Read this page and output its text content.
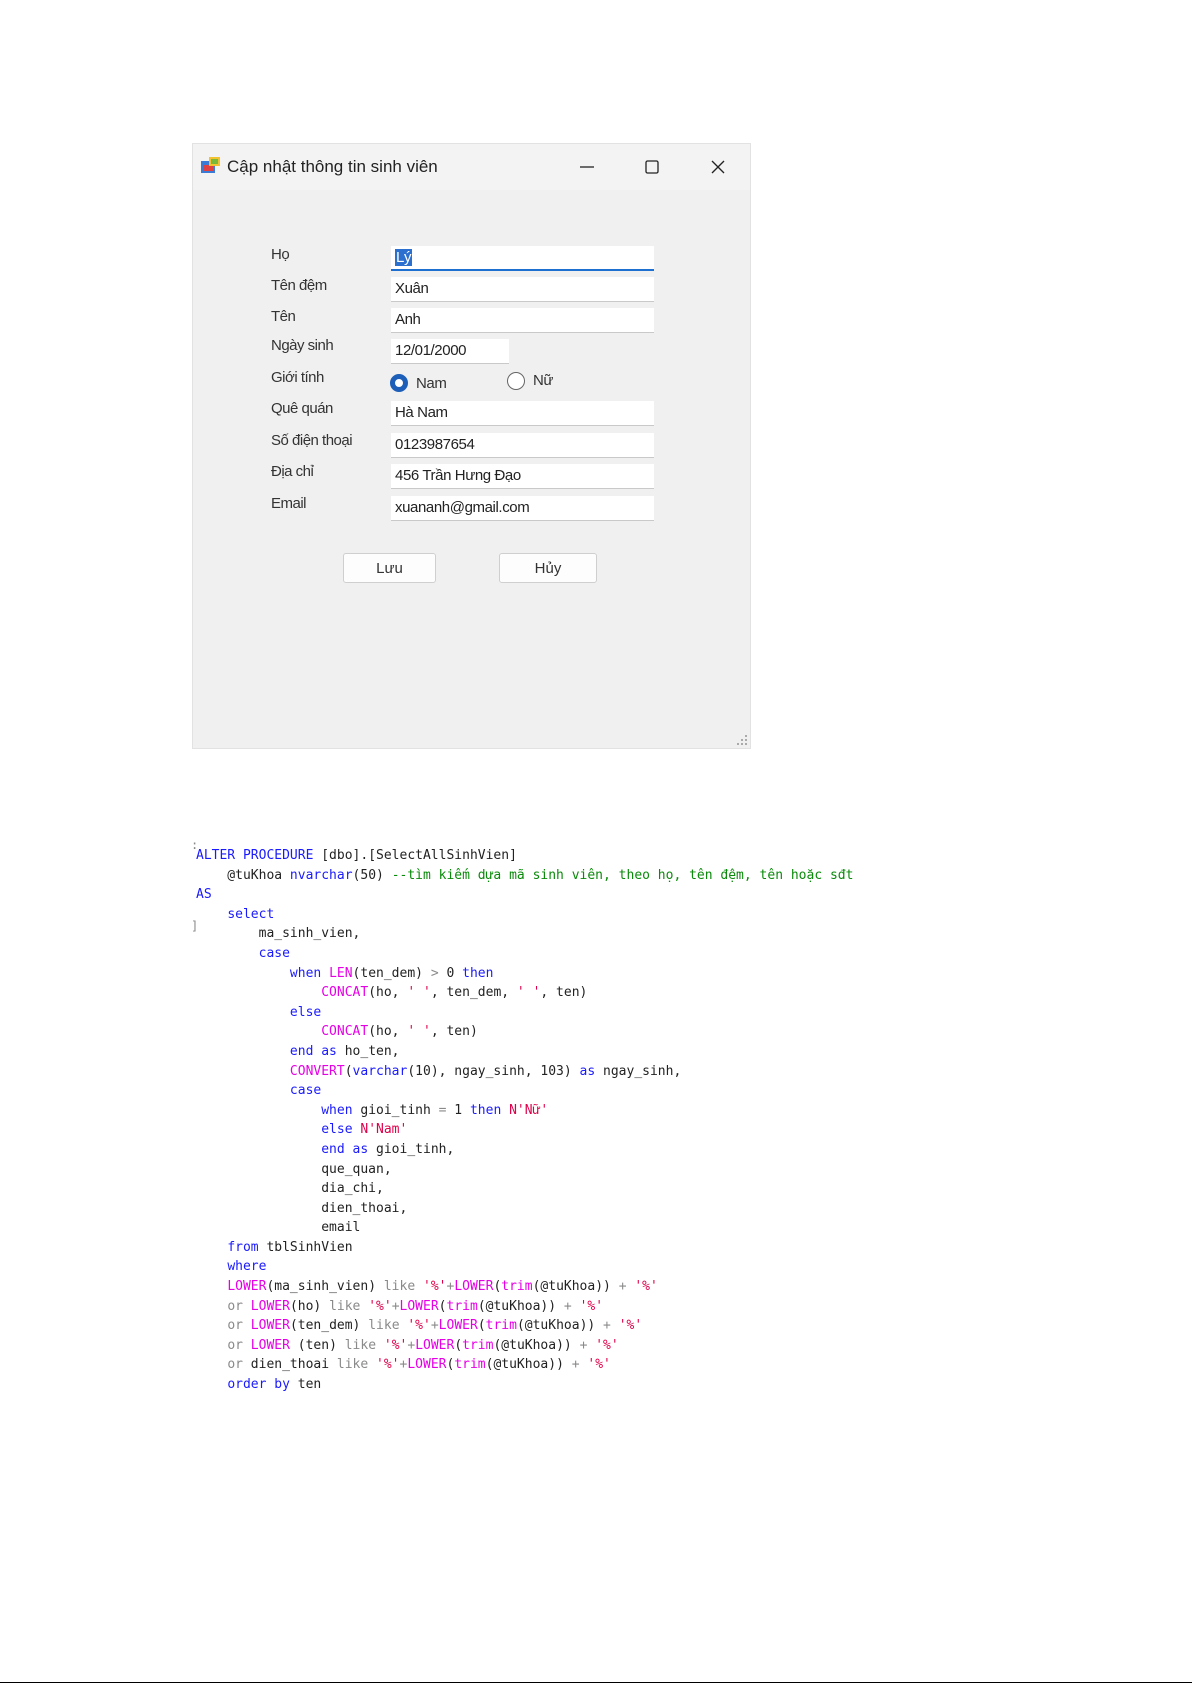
Cập nhật thông tin sinh viên
Họ
Tên đệm
Tên
Ngày sinh
Giới tính
Quê quán
Số điện thoại
Địa chỉ
Email
Lý
Xuân
Anh
12/01/2000
Nam	Nữ
Hà Nam
0123987654
456 Trần Hưng Đạo
xuananh@gmail.com
Lưu	Hủy
:
]
ALTER PROCEDURE [dbo].[SelectAllSinhVien]
@tuKhoa nvarchar(50) --tìm kiếm dựa mã sinh viên, theo họ, tên đệm, tên hoặc sđt
AS
select
ma_sinh_vien,
case
when LEN(ten_dem) > 0 then
CONCAT(ho, ' ', ten_dem, ' ', ten)
else
CONCAT(ho, ' ', ten)
end as ho_ten,
CONVERT(varchar(10), ngay_sinh, 103) as ngay_sinh,
case
when gioi_tinh = 1 then N'Nữ'
else N'Nam'
end as gioi_tinh,
que_quan,
dia_chi,
dien_thoai,
email
from tblSinhVien
where
LOWER(ma_sinh_vien) like '%'+LOWER(trim(@tuKhoa)) + '%'
or LOWER(ho) like '%'+LOWER(trim(@tuKhoa)) + '%'
or LOWER(ten_dem) like '%'+LOWER(trim(@tuKhoa)) + '%'
or LOWER (ten) like '%'+LOWER(trim(@tuKhoa)) + '%'
or dien_thoai like '%'+LOWER(trim(@tuKhoa)) + '%'
order by ten
